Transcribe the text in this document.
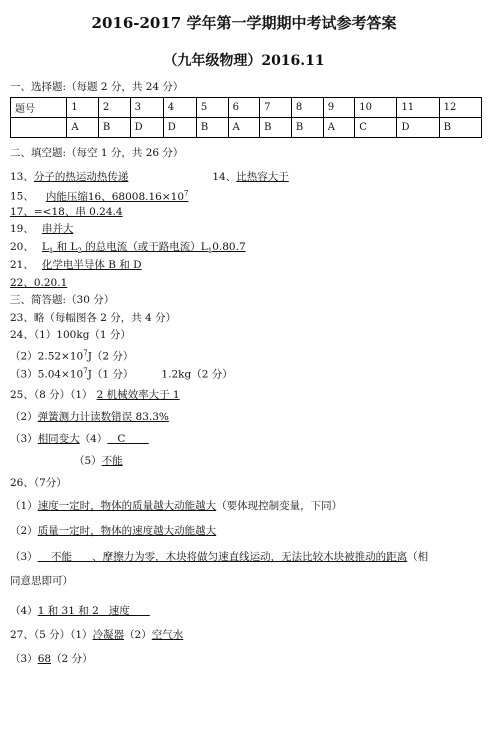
2016-2017 学年第一学期期中考试参考答案
（九年级物理）2016.11
一、选择题:（每题 2 分，共 24 分）
题号	1	2	3	4	5	6	7	8	9	10	11	12
	A	B	D	D	B	A	B	B	A	C	D	B
二、填空题:（每空 1 分，共 26 分）
13、分子的热运动热传递	14、比热容大于
15、 内能压缩16、$68008.16\times 10^7$
17、=<18、串 0.24.4
19、 串并大
20、 $L_1$ 和 $L_2$ 的总电流（或干路电流）$L_10.80.7$
21、 化学电半导体 B 和 D
22、0.20.1
三、简答题:（30 分）
23、略（每幅图各 2 分，共 4 分）
24、（1）100kg（1 分）
$(2)2.52\times 10^7J(2$ 分）
$(3)5.04\times 10^7J(1$ 分）	1.2kg（2 分）
25、（8 分）（1） 2 机械效率大于 1
（2）弹簧测力计读数错误 83.3%
（3）相同变大（4）   C
（5）不能
26、（7分）
（1）速度一定时，物体的质量越大动能越大（要体现控制变量，下同）
（2）质量一定时，物体的速度越大动能越大
（3）    不能      、摩擦力为零，木块将做匀速直线运动，无法比较木块被推动的距离（相
同意思即可）
（4）1 和 31 和 2   速度
27、（5 分）（1）冷凝器（2）空气水
（3）68（2 分）
